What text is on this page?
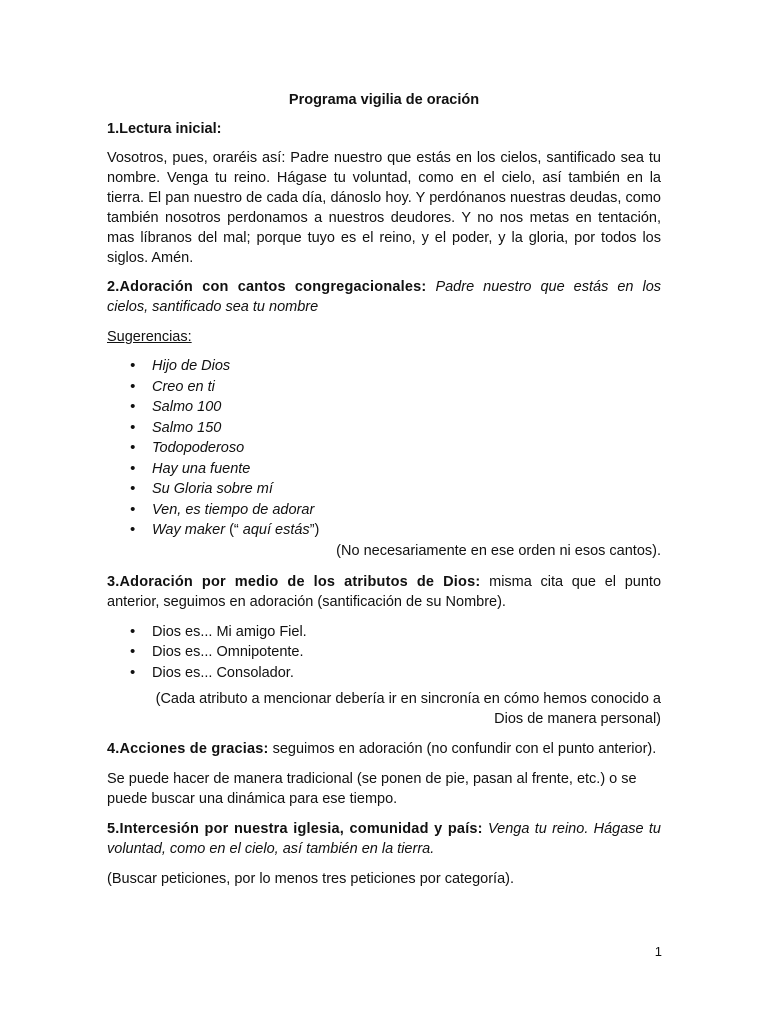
Programa vigilia de oración

1.Lectura inicial:

Vosotros, pues, oraréis así: Padre nuestro que estás en los cielos, santificado sea tu nombre. Venga tu reino. Hágase tu voluntad, como en el cielo, así también en la tierra. El pan nuestro de cada día, dánoslo hoy. Y perdónanos nuestras deudas, como también nosotros perdonamos a nuestros deudores. Y no nos metas en tentación, mas líbranos del mal; porque tuyo es el reino, y el poder, y la gloria, por todos los siglos. Amén.

2.Adoración con cantos congregacionales: Padre nuestro que estás en los cielos, santificado sea tu nombre

Sugerencias:

• Hijo de Dios
• Creo en ti
• Salmo 100
• Salmo 150
• Todopoderoso
• Hay una fuente
• Su Gloria sobre mí
• Ven, es tiempo de adorar
• Way maker (“ aquí estás”)

(No necesariamente en ese orden ni esos cantos).

3.Adoración por medio de los atributos de Dios: misma cita que el punto anterior, seguimos en adoración (santificación de su Nombre).

• Dios es... Mi amigo Fiel.
• Dios es... Omnipotente.
• Dios es... Consolador.

(Cada atributo a mencionar debería ir en sincronía en cómo hemos conocido a Dios de manera personal)

4.Acciones de gracias: seguimos en adoración (no confundir con el punto anterior).

Se puede hacer de manera tradicional (se ponen de pie, pasan al frente, etc.) o se puede buscar una dinámica para ese tiempo.

5.Intercesión por nuestra iglesia, comunidad y país: Venga tu reino. Hágase tu voluntad, como en el cielo, así también en la tierra.

(Buscar peticiones, por lo menos tres peticiones por categoría).

1
